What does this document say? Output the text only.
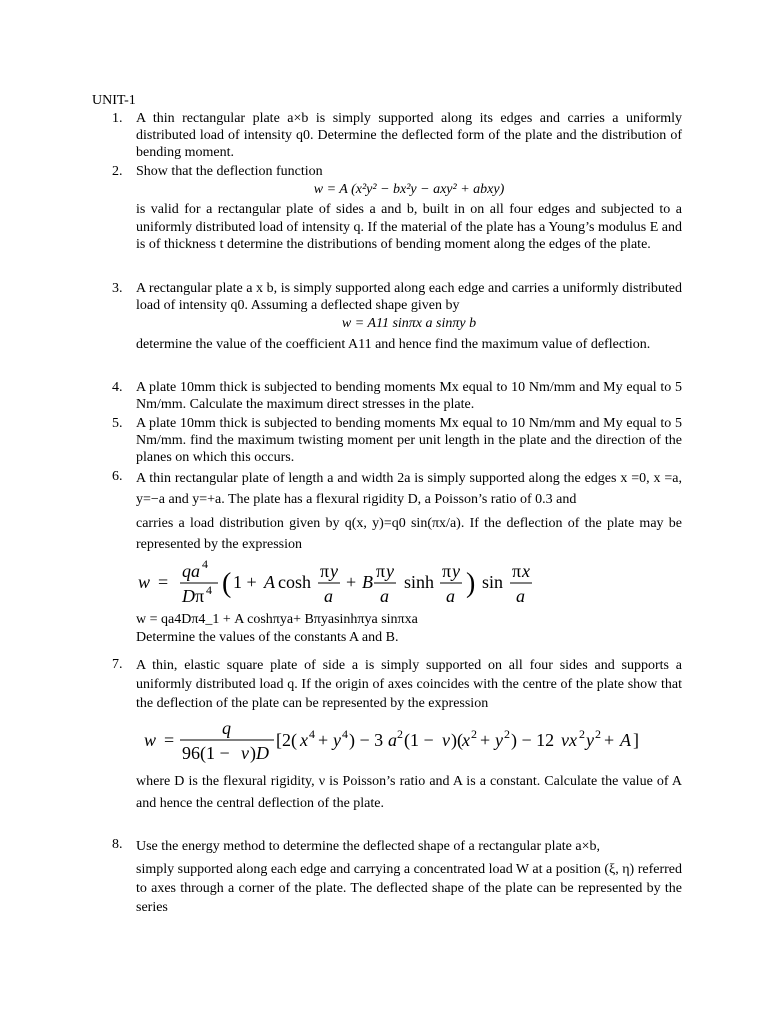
UNIT-1
1. A thin rectangular plate a×b is simply supported along its edges and carries a uniformly distributed load of intensity q0. Determine the deflected form of the plate and the distribution of bending moment.

2. Show that the deflection function

w = A (x²y² − bx²y − axy² + abxy)

is valid for a rectangular plate of sides a and b, built in on all four edges and subjected to a uniformly distributed load of intensity q. If the material of the plate has a Young’s modulus E and is of thickness t determine the distributions of bending moment along the edges of the plate.

3. A rectangular plate a x b, is simply supported along each edge and carries a uniformly distributed load of intensity q0. Assuming a deflected shape given by

w = A11 sinπx a sinπy b

determine the value of the coefficient A11 and hence find the maximum value of deflection.

4. A plate 10mm thick is subjected to bending moments Mx equal to 10 Nm/mm and My equal to 5 Nm/mm. Calculate the maximum direct stresses in the plate.

5. A plate 10mm thick is subjected to bending moments Mx equal to 10 Nm/mm and My equal to 5 Nm/mm. find the maximum twisting moment per unit length in the plate and the direction of the planes on which this occurs.

6. A thin rectangular plate of length a and width 2a is simply supported along the edges x =0, x =a, y=−a and y=+a. The plate has a flexural rigidity D, a Poisson’s ratio of 0.3 and

carries a load distribution given by q(x, y)=q0 sin(πx/a). If the deflection of the plate may be represented by the expression

w =
qa 4
D π 4 ( 1 + A cosh
π y
a
+ B
π y
a
sinh
π y
a ) sin
π x
a

w = qa4Dπ4_1 + A coshπya+ Bπyasinhπya sinπxa

Determine the values of the constants A and B.

7. A thin, elastic square plate of side a is simply supported on all four sides and supports a uniformly distributed load q. If the origin of axes coincides with the centre of the plate show that the deflection of the plate can be represented by the expression

w =
q
96(1 − ν ) D
[2( x 4 + y 4 ) − 3 a 2 (1 − ν )( x 2 + y 2 ) − 12 νx 2 y 2 + A ]

where D is the flexural rigidity, ν is Poisson’s ratio and A is a constant. Calculate the value of A and hence the central deflection of the plate.

8. Use the energy method to determine the deflected shape of a rectangular plate a×b,

simply supported along each edge and carrying a concentrated load W at a position (ξ, η) referred to axes through a corner of the plate. The deflected shape of the plate can be represented by the series
